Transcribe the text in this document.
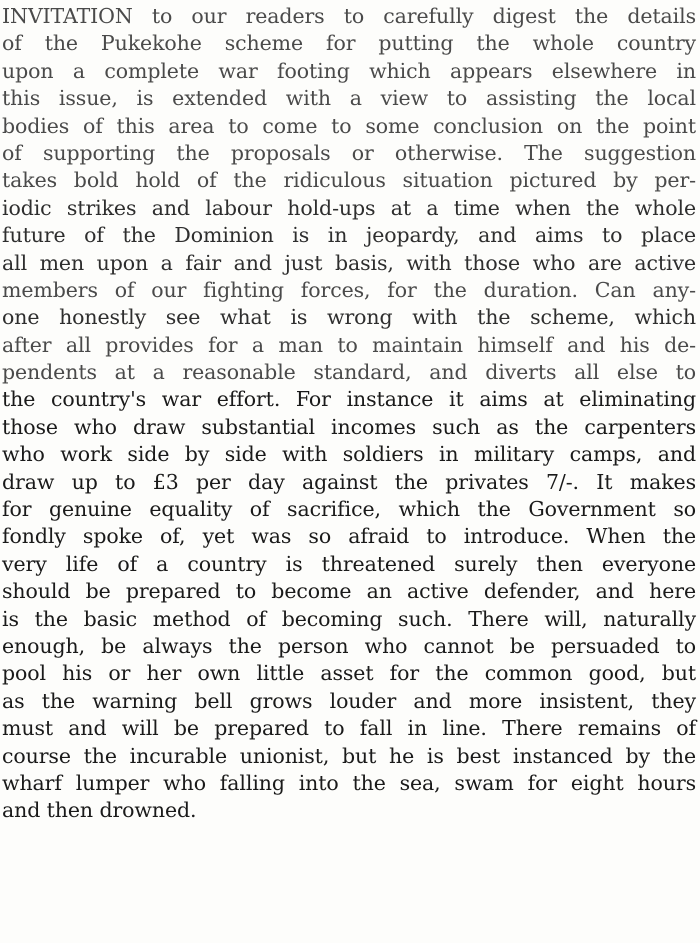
INVITATION to our readers to carefully digest the details
of the Pukekohe scheme for putting the whole country
upon a complete war footing which appears elsewhere in
this issue, is extended with a view to assisting the local
bodies of this area to come to some conclusion on the point
of supporting the proposals or otherwise. The suggestion
takes bold hold of the ridiculous situation pictured by per-
iodic strikes and labour hold-ups at a time when the whole
future of the Dominion is in jeopardy, and aims to place
all men upon a fair and just basis, with those who are active
members of our fighting forces, for the duration. Can any-
one honestly see what is wrong with the scheme, which
after all provides for a man to maintain himself and his de-
pendents at a reasonable standard, and diverts all else to
the country's war effort. For instance it aims at eliminating
those who draw substantial incomes such as the carpenters
who work side by side with soldiers in military camps, and
draw up to £3 per day against the privates 7/-. It makes
for genuine equality of sacrifice, which the Government so
fondly spoke of, yet was so afraid to introduce. When the
very life of a country is threatened surely then everyone
should be prepared to become an active defender, and here
is the basic method of becoming such. There will, naturally
enough, be always the person who cannot be persuaded to
pool his or her own little asset for the common good, but
as the warning bell grows louder and more insistent, they
must and will be prepared to fall in line. There remains of
course the incurable unionist, but he is best instanced by the
wharf lumper who falling into the sea, swam for eight hours
and then drowned.
